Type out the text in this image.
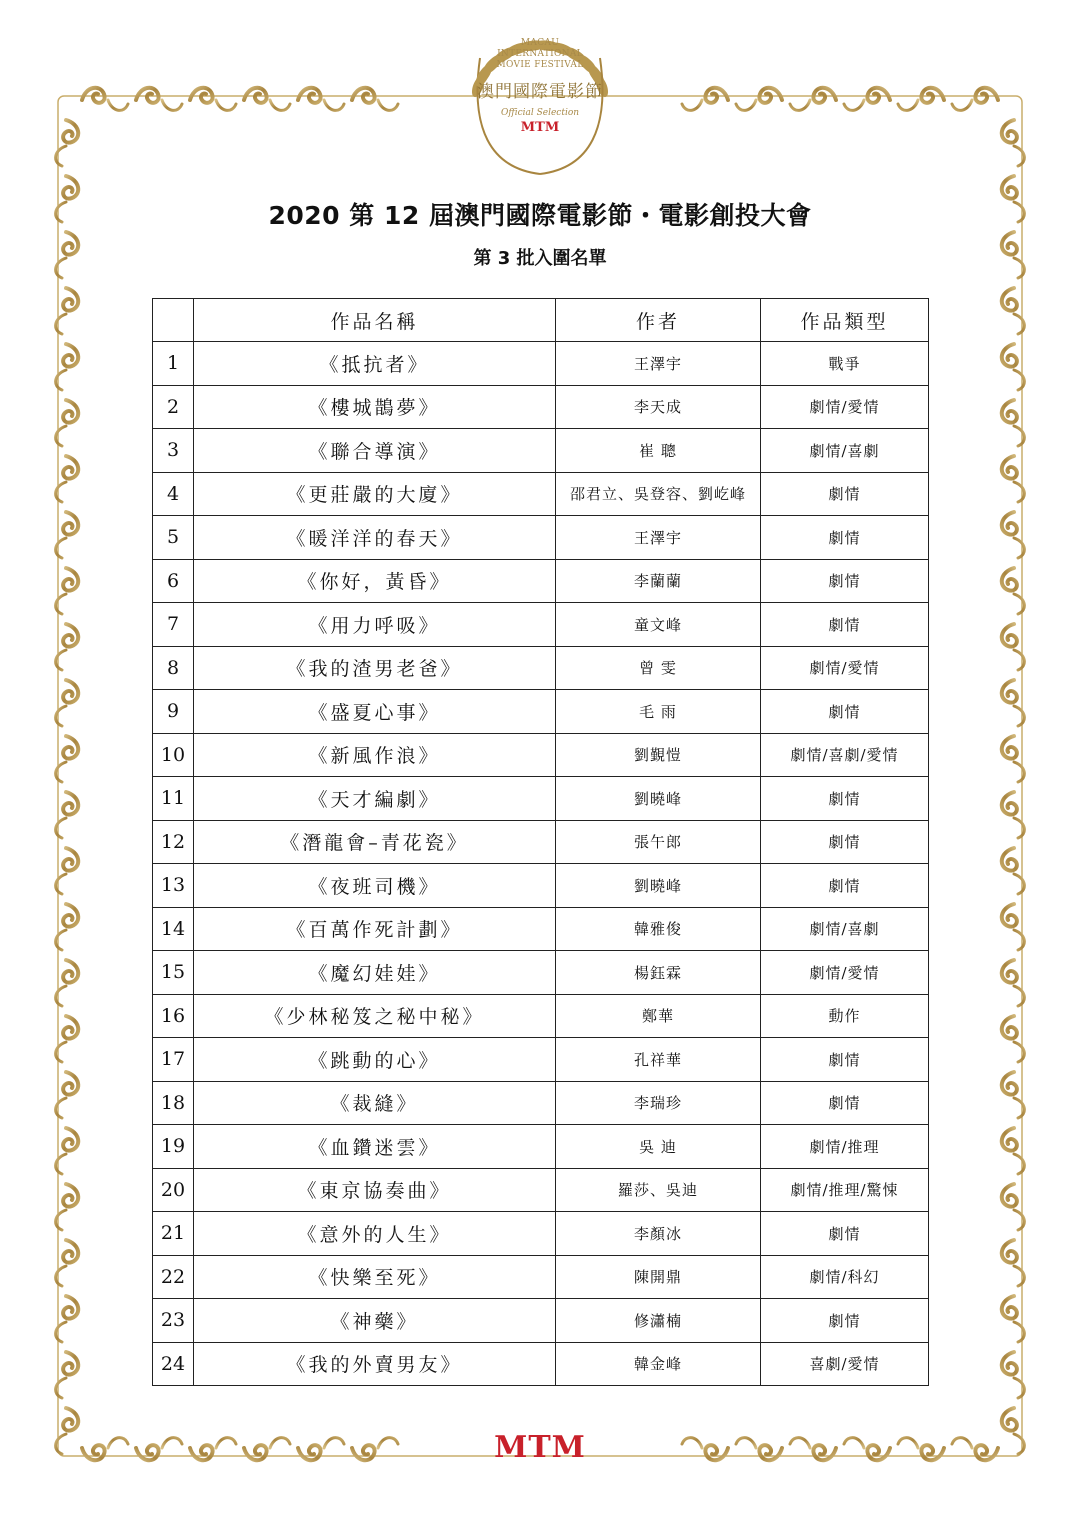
MACAU
INTERNATIONAL
MOVIE FESTIVAL
澳門國際電影節
Official Selection
MTM
2020 第 12 屆澳門國際電影節・電影創投大會
第 3 批入圍名單
	作品名稱	作者	作品類型
1	《抵抗者》	王澤宇	戰爭
2	《樓城鵲夢》	李天成	劇情/愛情
3	《聯合導演》	崔 聰	劇情/喜劇
4	《更莊嚴的大廈》	邵君立、吳登容、劉屹峰	劇情
5	《暖洋洋的春天》	王澤宇	劇情
6	《你好，黃昏》	李蘭蘭	劇情
7	《用力呼吸》	童文峰	劇情
8	《我的渣男老爸》	曾 雯	劇情/愛情
9	《盛夏心事》	毛 雨	劇情
10	《新風作浪》	劉覲愷	劇情/喜劇/愛情
11	《天才編劇》	劉曉峰	劇情
12	《潛龍會–青花瓷》	張午郎	劇情
13	《夜班司機》	劉曉峰	劇情
14	《百萬作死計劃》	韓雅俊	劇情/喜劇
15	《魔幻娃娃》	楊鈺霖	劇情/愛情
16	《少林秘笈之秘中秘》	鄭華	動作
17	《跳動的心》	孔祥華	劇情
18	《裁縫》	李瑞珍	劇情
19	《血鑽迷雲》	吳 迪	劇情/推理
20	《東京協奏曲》	羅莎、吳迪	劇情/推理/驚悚
21	《意外的人生》	李顏冰	劇情
22	《快樂至死》	陳開鼎	劇情/科幻
23	《神藥》	修瀟楠	劇情
24	《我的外賣男友》	韓金峰	喜劇/愛情
MTM
